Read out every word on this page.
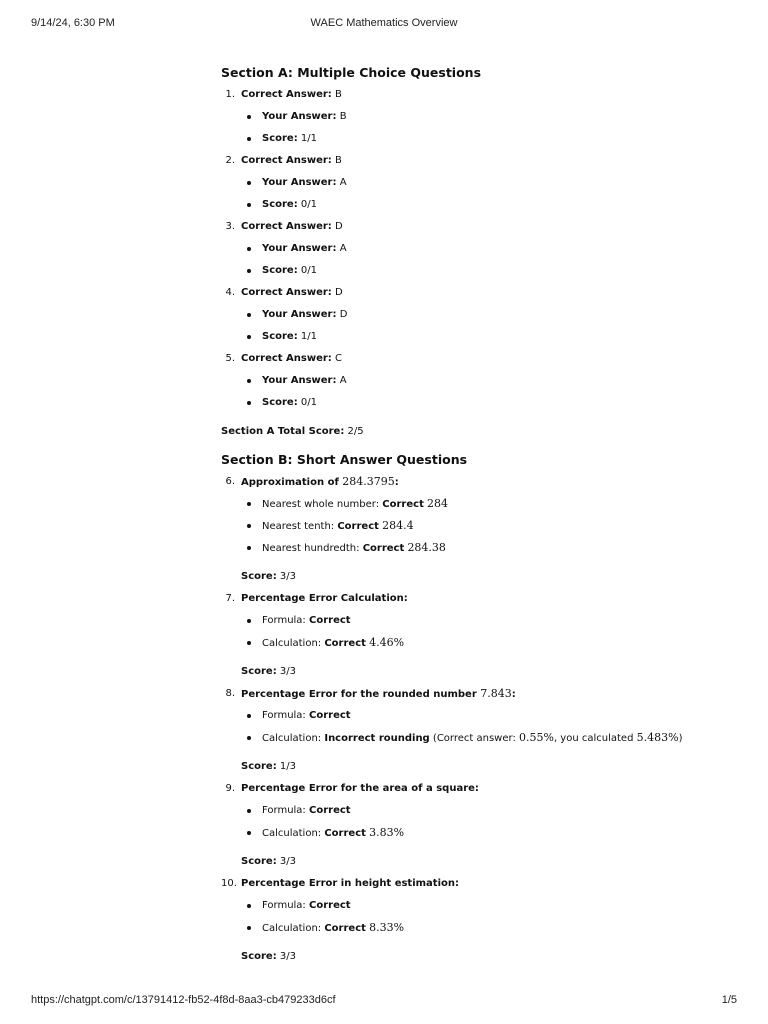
9/14/24, 6:30 PM	WAEC Mathematics Overview
Section A: Multiple Choice Questions
1. Correct Answer: B
Your Answer: B
Score: 1/1
2. Correct Answer: B
Your Answer: A
Score: 0/1
3. Correct Answer: D
Your Answer: A
Score: 0/1
4. Correct Answer: D
Your Answer: D
Score: 1/1
5. Correct Answer: C
Your Answer: A
Score: 0/1
Section A Total Score: 2/5
Section B: Short Answer Questions
6. Approximation of 284.3795:
Nearest whole number: Correct 284
Nearest tenth: Correct 284.4
Nearest hundredth: Correct 284.38
Score: 3/3
7. Percentage Error Calculation:
Formula: Correct
Calculation: Correct 4.46%
Score: 3/3
8. Percentage Error for the rounded number 7.843:
Formula: Correct
Calculation: Incorrect rounding (Correct answer: 0.55%, you calculated 5.483%)
Score: 1/3
9. Percentage Error for the area of a square:
Formula: Correct
Calculation: Correct 3.83%
Score: 3/3
10. Percentage Error in height estimation:
Formula: Correct
Calculation: Correct 8.33%
Score: 3/3
https://chatgpt.com/c/13791412-fb52-4f8d-8aa3-cb479233d6cf	1/5
